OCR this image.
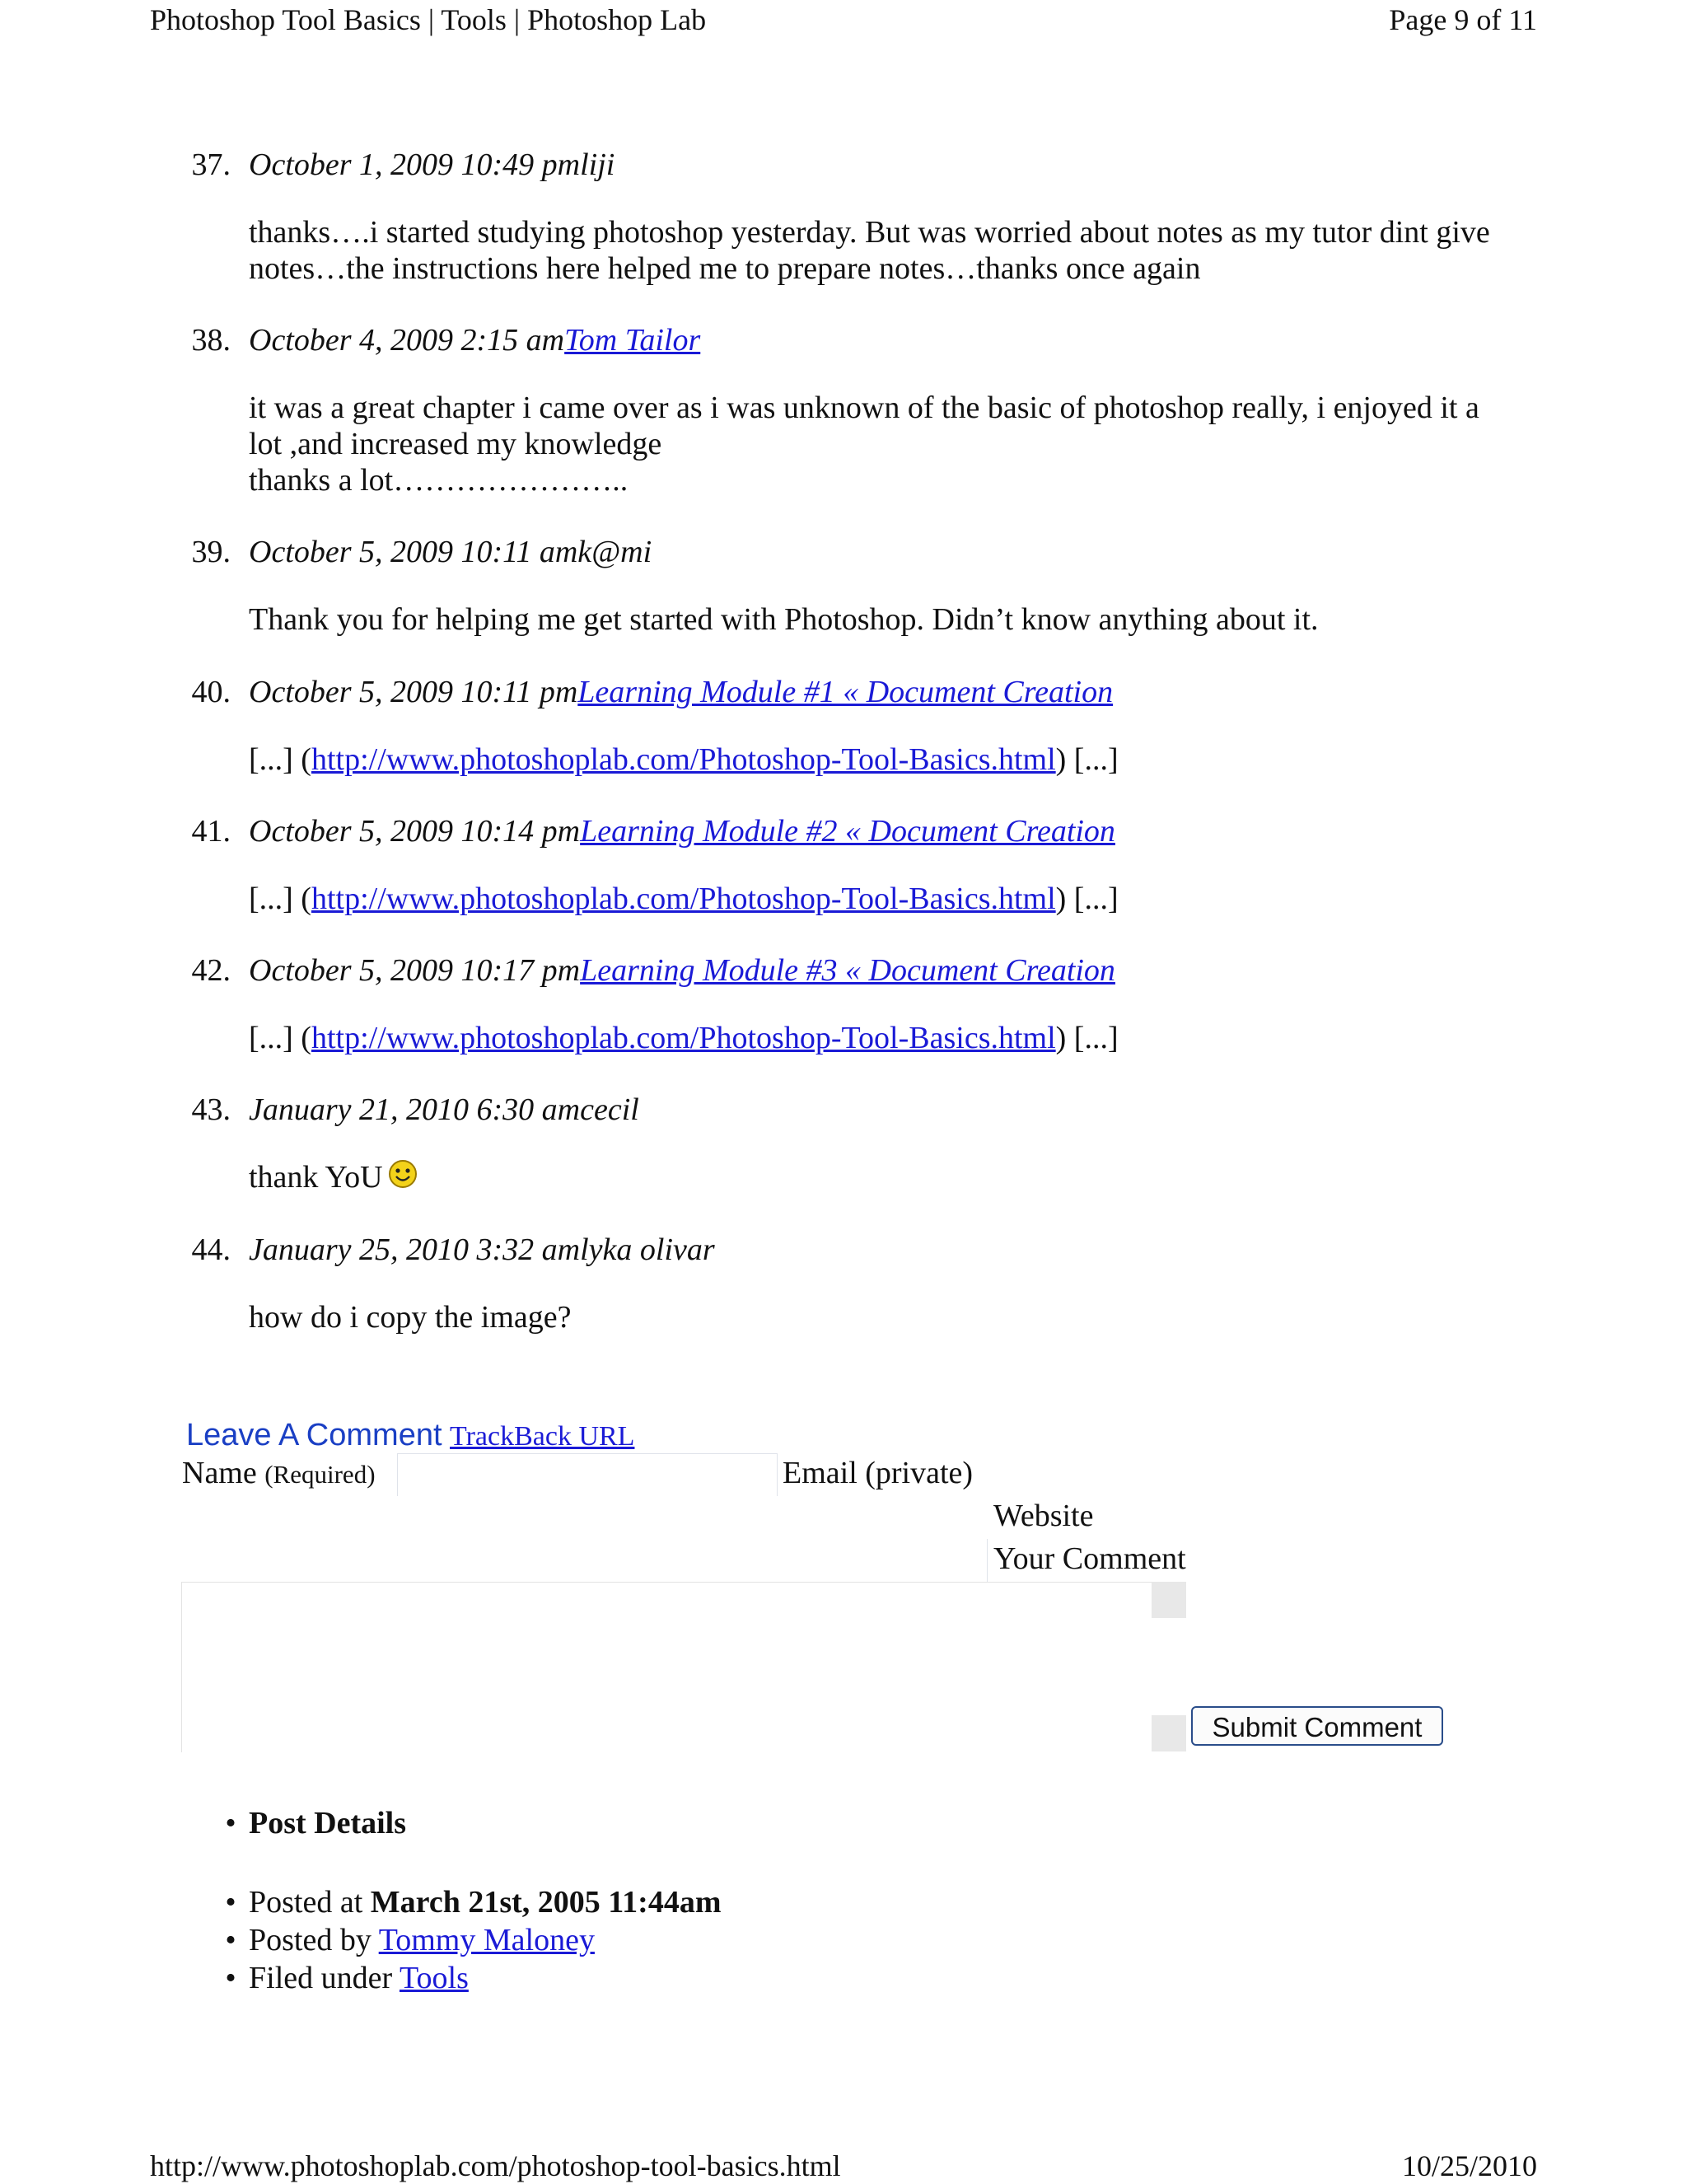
Photoshop Tool Basics | Tools | Photoshop Lab	Page 9 of 11
37. October 1, 2009 10:49 pmliji
thanks….i started studying photoshop yesterday. But was worried about notes as my tutor dint give notes…the instructions here helped me to prepare notes…thanks once again
38. October 4, 2009 2:15 amTom Tailor
it was a great chapter i came over as i was unknown of the basic of photoshop really, i enjoyed it a lot ,and increased my knowledge
thanks a lot…………………..
39. October 5, 2009 10:11 amk@mi
Thank you for helping me get started with Photoshop. Didn’t know anything about it.
40. October 5, 2009 10:11 pmLearning Module #1 « Document Creation
[...] (http://www.photoshoplab.com/Photoshop-Tool-Basics.html) [...]
41. October 5, 2009 10:14 pmLearning Module #2 « Document Creation
[...] (http://www.photoshoplab.com/Photoshop-Tool-Basics.html) [...]
42. October 5, 2009 10:17 pmLearning Module #3 « Document Creation
[...] (http://www.photoshoplab.com/Photoshop-Tool-Basics.html) [...]
43. January 21, 2010 6:30 amcecil
thank YoU
44. January 25, 2010 3:32 amlyka olivar
how do i copy the image?
Leave A Comment TrackBack URL
Name (Required)	Email (private)
Website
Your Comment
Submit Comment
• Post Details
• Posted at March 21st, 2005 11:44am
• Posted by Tommy Maloney
• Filed under Tools
http://www.photoshoplab.com/photoshop-tool-basics.html	10/25/2010
